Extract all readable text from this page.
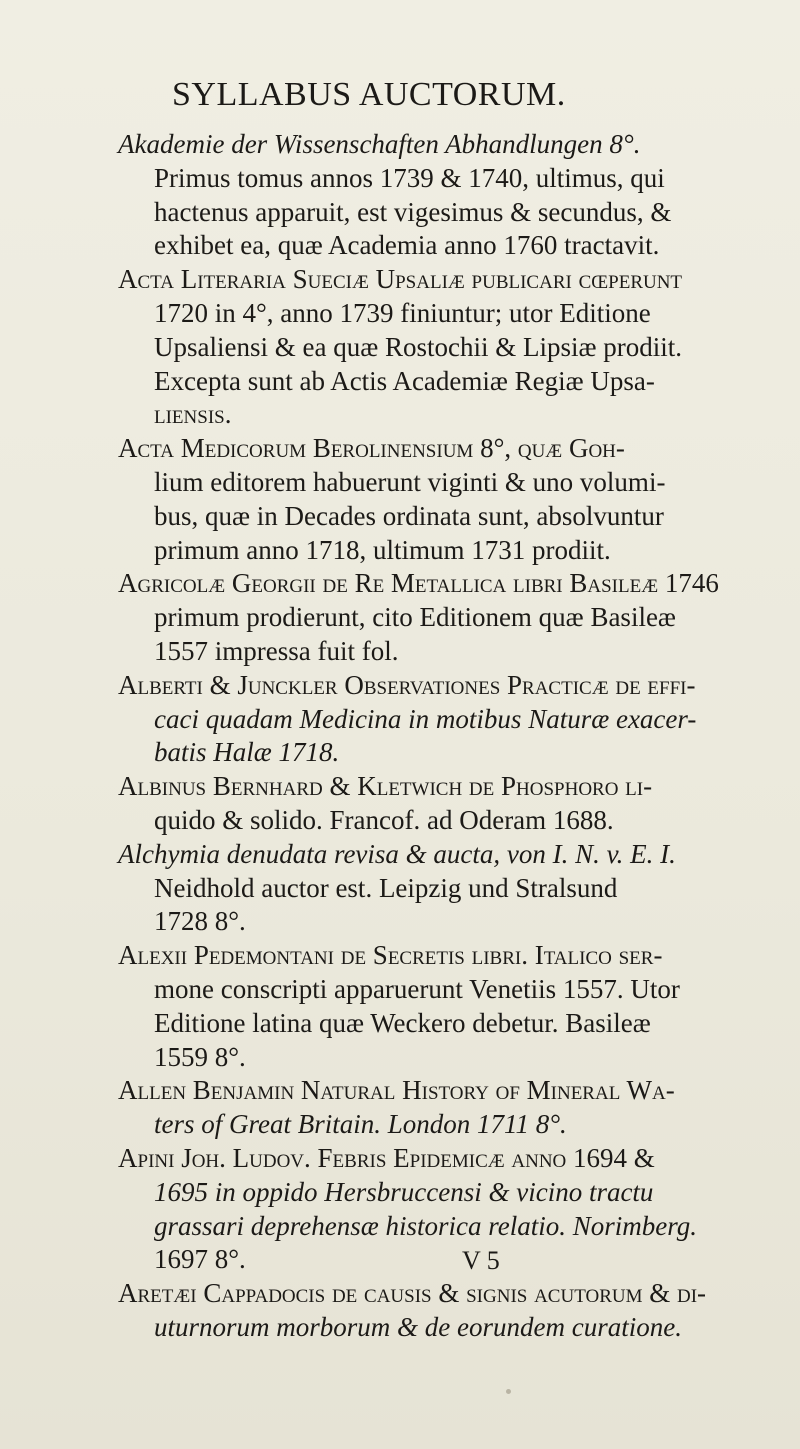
SYLLABUS AUCTORUM.

Akademie der Wissenschaften Abhandlungen 8°.
Primus tomus annos 1739 & 1740, ultimus, qui
hactenus apparuit, est vigesimus & secundus, &
exhibet ea, quæ Academia anno 1760 tractavit.

Acta Literaria Sueciæ Upsaliæ publicari cœperunt
1720 in 4°, anno 1739 finiuntur; utor Editione
Upsaliensi & ea quæ Rostochii & Lipsiæ prodiit.
Excepta sunt ab Actis Academiæ Regiæ Upsa-
liensis.

Acta Medicorum Berolinensium 8°, quæ Goh-
lium editorem habuerunt viginti & uno volumi-
bus, quæ in Decades ordinata sunt, absolvuntur
primum anno 1718, ultimum 1731 prodiit.

Agricolæ Georgii de Re Metallica libri Basileæ 1746
primum prodierunt, cito Editionem quæ Basileæ
1557 impressa fuit fol.

Alberti & Junckler Observationes Practicæ de effi-
caci quadam Medicina in motibus Naturæ exacer-
batis Halæ 1718.

Albinus Bernhard & Kletwich de Phosphoro li-
quido & solido. Francof. ad Oderam 1688.

Alchymia denudata revisa & aucta, von I. N. v. E. I.
Neidhold auctor est. Leipzig und Stralsund
1728 8°.

Alexii Pedemontani de Secretis libri. Italico ser-
mone conscripti apparuerunt Venetiis 1557. Utor
Editione latina quæ Weckero debetur. Basileæ
1559 8°.

Allen Benjamin Natural History of Mineral Wa-
ters of Great Britain. London 1711 8°.

Apini Joh. Ludov. Febris Epidemicæ anno 1694 &
1695 in oppido Hersbruccensi & vicino tractu
grassari deprehensæ historica relatio. Norimberg.
1697 8°.

Aretæi Cappadocis de causis & signis acutorum & di-
uturnorum morborum & de eorundem curatione.

V 5
